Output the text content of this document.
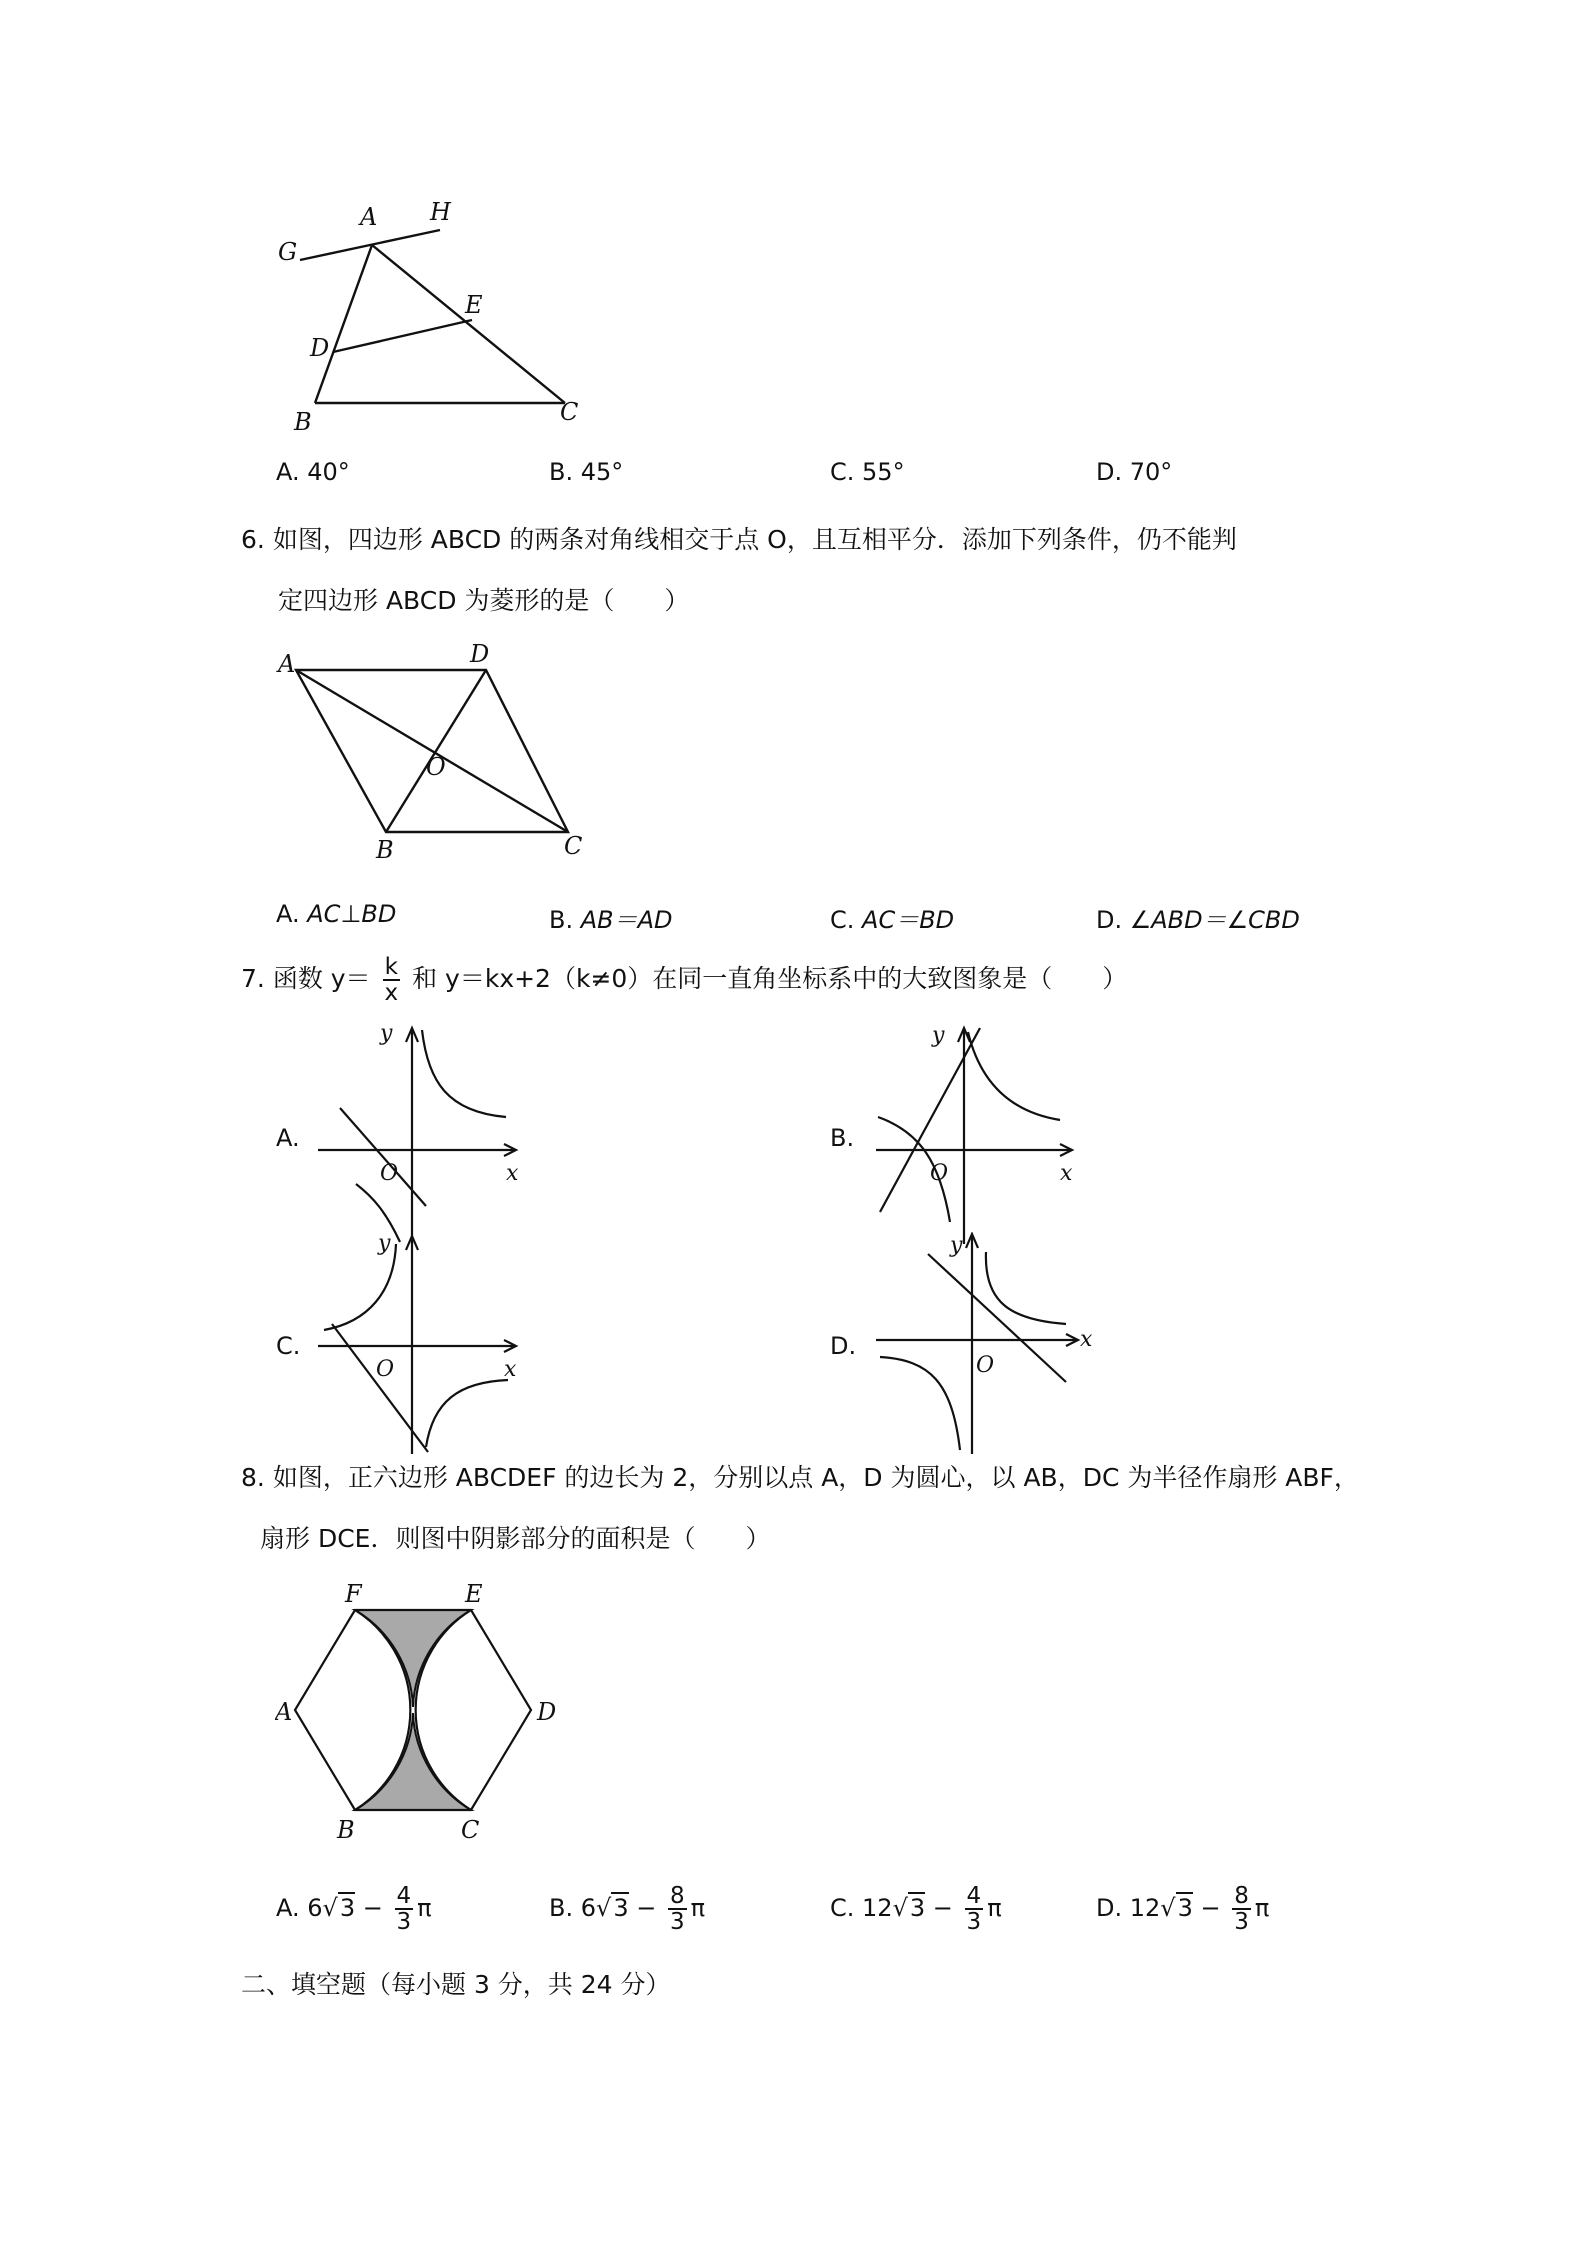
G
A H
E
D
B	C
A. 40°	B. 45°	C. 55°	D. 70°
6. 如图，四边形 ABCD 的两条对角线相交于点 O，且互相平分．添加下列条件，仍不能判
定四边形 ABCD 为菱形的是（　　）
A	D
O
B	C
A. AC⊥BD	B. AB＝AD	C. AC＝BD	D. ∠ABD＝∠CBD
7. 函数 $y= \frac{k}{x}$ 和 y＝kx+2（k≠0）在同一直角坐标系中的大致图象是（　　）
A.
y
x
O
B.
y
x
O
C.
y
x
O
D.
y
x
O
8. 如图，正六边形 ABCDEF 的边长为 2，分别以点 A，D 为圆心，以 AB，DC 为半径作扇形 ABF，
扇形 DCE．则图中阴影部分的面积是（　　）
F	E
A	D
B	C
A. $6√3 - \frac{4}{3}$ π	B. $6√3 - \frac{8}{3}$ π	C. $12√3 - \frac{4}{3}$ π	D. $12√3 - \frac{8}{3}$ π
二、填空题（每小题 3 分，共 24 分）
